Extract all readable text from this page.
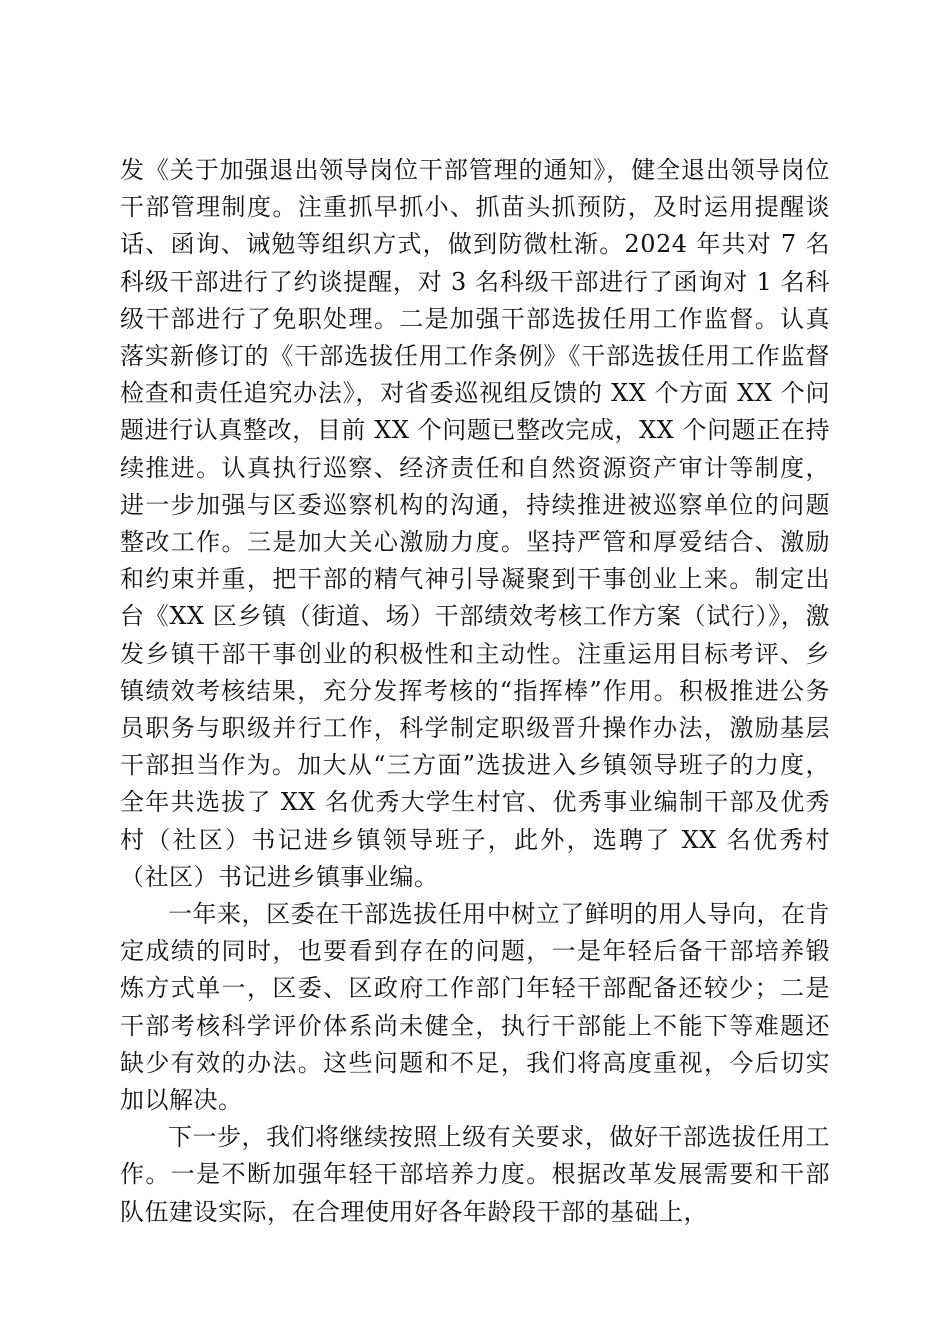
发《关于加强退出领导岗位干部管理的通知》，健全退出领导岗位干部管理制度。注重抓早抓小、抓苗头抓预防，及时运用提醒谈话、函询、诫勉等组织方式，做到防微杜渐。2024 年共对 7 名科级干部进行了约谈提醒，对 3 名科级干部进行了函询对 1 名科级干部进行了免职处理。二是加强干部选拔任用工作监督。认真落实新修订的《干部选拔任用工作条例》《干部选拔任用工作监督检查和责任追究办法》，对省委巡视组反馈的 XX 个方面 XX 个问题进行认真整改，目前 XX 个问题已整改完成，XX 个问题正在持续推进。认真执行巡察、经济责任和自然资源资产审计等制度，进一步加强与区委巡察机构的沟通，持续推进被巡察单位的问题整改工作。三是加大关心激励力度。坚持严管和厚爱结合、激励和约束并重，把干部的精气神引导凝聚到干事创业上来。制定出台《XX 区乡镇（街道、场）干部绩效考核工作方案（试行）》，激发乡镇干部干事创业的积极性和主动性。注重运用目标考评、乡镇绩效考核结果，充分发挥考核的“指挥棒”作用。积极推进公务员职务与职级并行工作，科学制定职级晋升操作办法，激励基层干部担当作为。加大从“三方面”选拔进入乡镇领导班子的力度，全年共选拔了 XX 名优秀大学生村官、优秀事业编制干部及优秀村（社区）书记进乡镇领导班子，此外，选聘了 XX 名优秀村（社区）书记进乡镇事业编。

一年来，区委在干部选拔任用中树立了鲜明的用人导向，在肯定成绩的同时，也要看到存在的问题，一是年轻后备干部培养锻炼方式单一，区委、区政府工作部门年轻干部配备还较少；二是干部考核科学评价体系尚未健全，执行干部能上不能下等难题还缺少有效的办法。这些问题和不足，我们将高度重视，今后切实加以解决。

下一步，我们将继续按照上级有关要求，做好干部选拔任用工作。一是不断加强年轻干部培养力度。根据改革发展需要和干部队伍建设实际，在合理使用好各年龄段干部的基础上，
